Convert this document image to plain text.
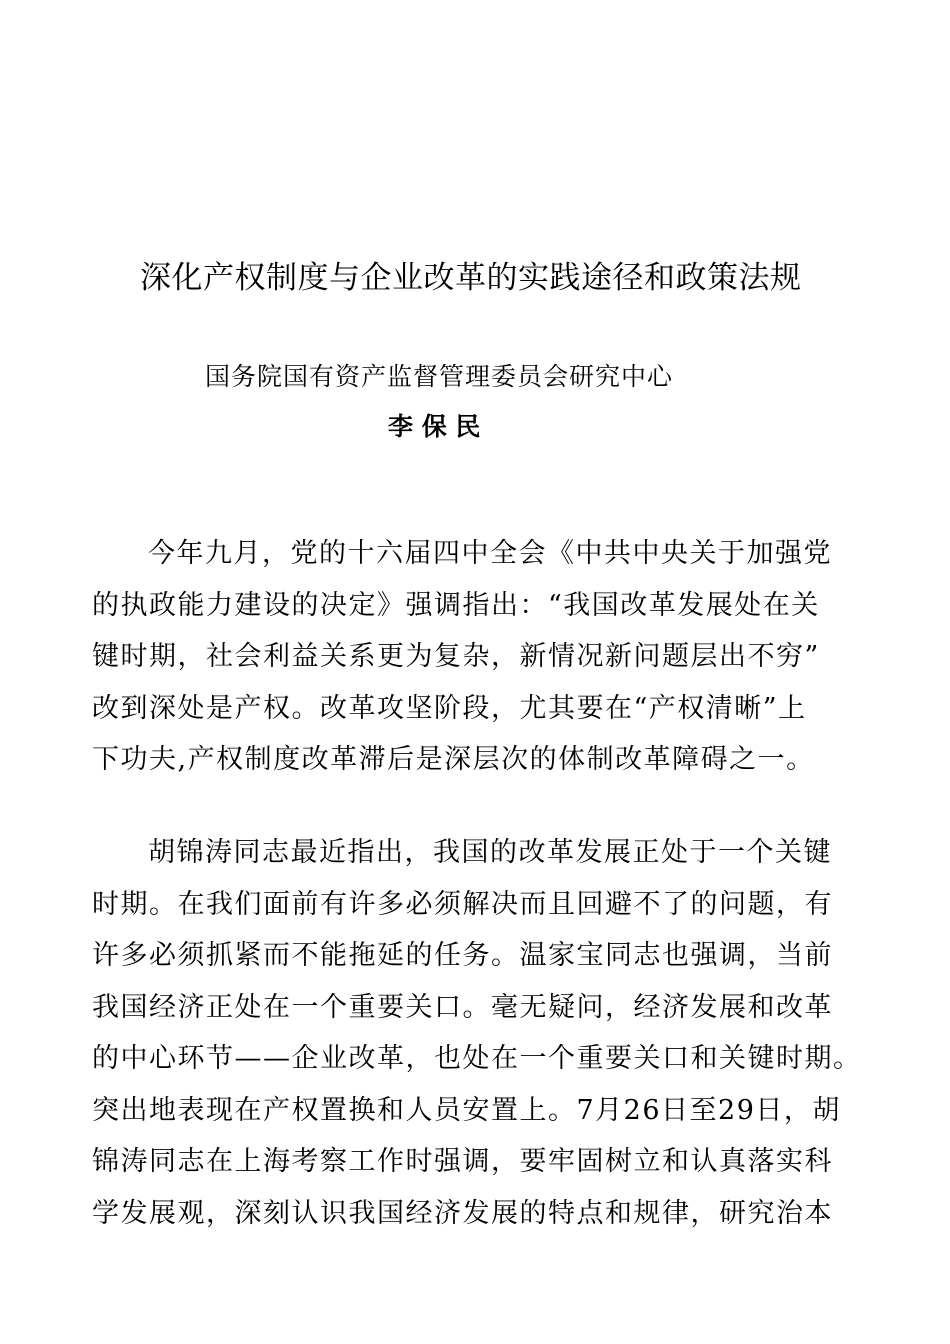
深化产权制度与企业改革的实践途径和政策法规
国务院国有资产监督管理委员会研究中心
李 保 民
今年九月，党的十六届四中全会《中共中央关于加强党
的执政能力建设的决定》强调指出：“我国改革发展处在关
键时期，社会利益关系更为复杂，新情况新问题层出不穷”
改到深处是产权。改革攻坚阶段，尤其要在“产权清晰”上
下功夫,产权制度改革滞后是深层次的体制改革障碍之一。
胡锦涛同志最近指出，我国的改革发展正处于一个关键
时期。在我们面前有许多必须解决而且回避不了的问题，有
许多必须抓紧而不能拖延的任务。温家宝同志也强调，当前
我国经济正处在一个重要关口。毫无疑问，经济发展和改革
的中心环节——企业改革，也处在一个重要关口和关键时期。
突出地表现在产权置换和人员安置上。7月26日至29日，胡
锦涛同志在上海考察工作时强调，要牢固树立和认真落实科
学发展观，深刻认识我国经济发展的特点和规律，研究治本
